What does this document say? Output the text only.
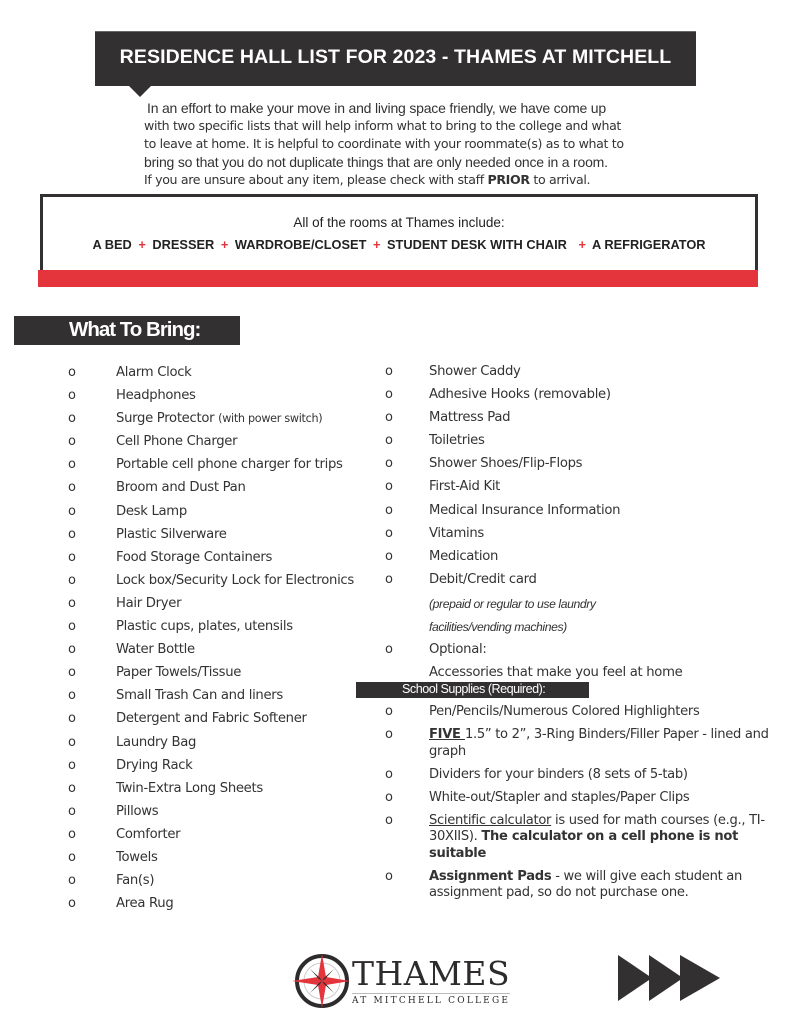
RESIDENCE HALL LIST FOR 2023 - THAMES AT MITCHELL

In an effort to make your move in and living space friendly, we have come up

with two specific lists that will help inform what to bring to the college and what

to leave at home. It is helpful to coordinate with your roommate(s) as to what to

bring so that you do not duplicate things that are only needed once in a room.

If you are unsure about any item, please check with staff PRIOR to arrival.

All of the rooms at Thames include:
A BED + DRESSER + WARDROBE/CLOSET + STUDENT DESK WITH CHAIR + A REFRIGERATOR
What To Bring:
o	Alarm Clock
o	Headphones
o	Surge Protector (with power switch)
o	Cell Phone Charger
o	Portable cell phone charger for trips
o	Broom and Dust Pan
o	Desk Lamp
o	Plastic Silverware
o	Food Storage Containers
o	Lock box/Security Lock for Electronics
o	Hair Dryer
o	Plastic cups, plates, utensils
o	Water Bottle
o	Paper Towels/Tissue
o	Small Trash Can and liners
o	Detergent and Fabric Softener
o	Laundry Bag
o	Drying Rack
o	Twin-Extra Long Sheets
o	Pillows
o	Comforter
o	Towels
o	Fan(s)
o	Area Rug
o	Shower Caddy
o	Adhesive Hooks (removable)
o	Mattress Pad
o	Toiletries
o	Shower Shoes/Flip-Flops
o	First-Aid Kit
o	Medical Insurance Information
o	Vitamins
o	Medication
o	Debit/Credit card
(prepaid or regular to use laundry
facilities/vending machines)
o	Optional:
Accessories that make you feel at home
School Supplies (Required):
o	Pen/Pencils/Numerous Colored Highlighters
o	FIVE 1.5” to 2”, 3-Ring Binders/Filler Paper - lined and graph
o	Dividers for your binders (8 sets of 5-tab)
o	White-out/Stapler and staples/Paper Clips
o	Scientific calculator is used for math courses (e.g., TI-30XIIS). The calculator on a cell phone is not suitable
o	Assignment Pads - we will give each student an assignment pad, so do not purchase one.
THAMES
AT MITCHELL COLLEGE
